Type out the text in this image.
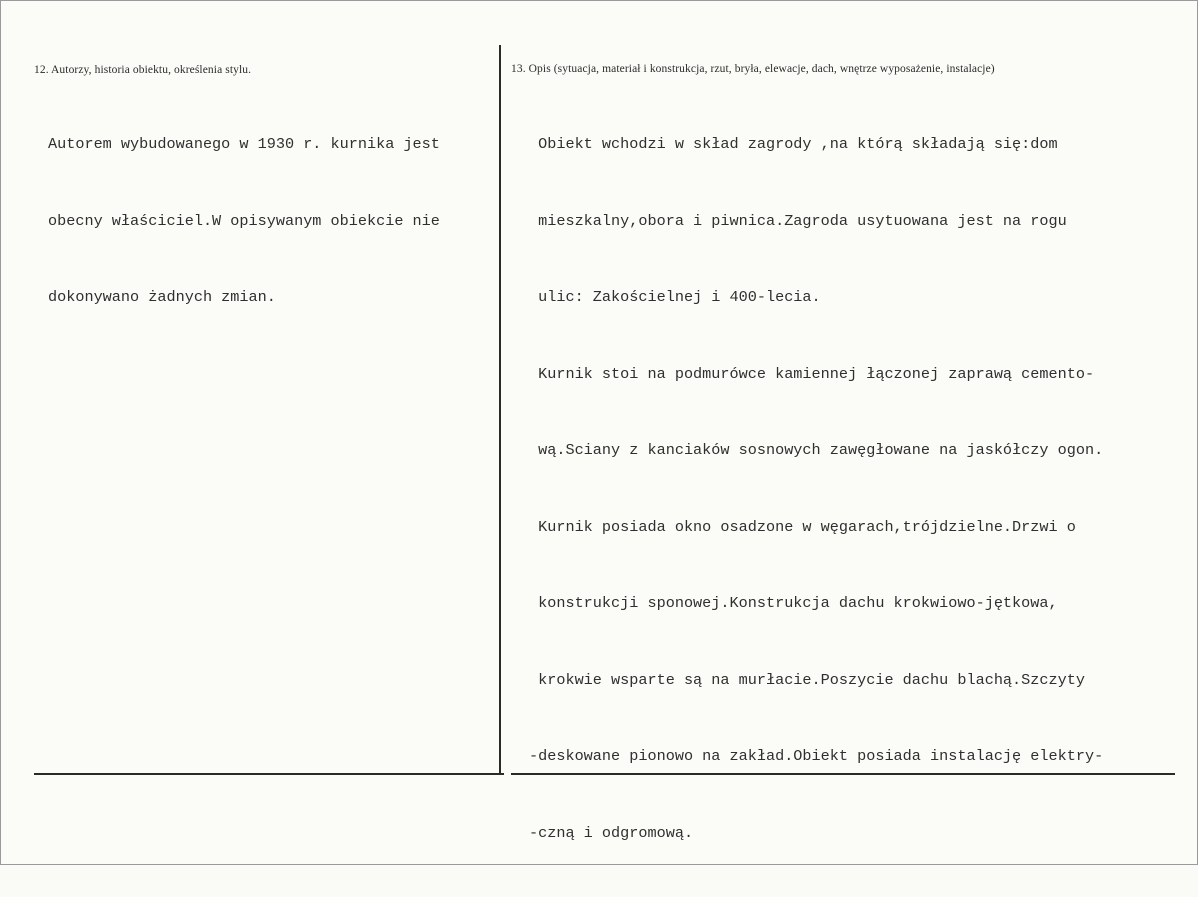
12. Autorzy, historia obiektu, określenia stylu.

Autorem wybudowanego w 1930 r. kurnika jest

obecny właściciel.W opisywanym obiekcie nie

dokonywano żadnych zmian.

13. Opis (sytuacja, materiał i konstrukcja, rzut, bryła, elewacje, dach, wnętrze wyposażenie, instalacje)

Obiekt wchodzi w skład zagrody ,na którą składają się:dom

mieszkalny,obora i piwnica.Zagroda usytuowana jest na rogu

ulic: Zakościelnej i 400-lecia.

Kurnik stoi na podmurówce kamiennej łączonej zaprawą cemento-

wą.Sciany z kanciaków sosnowych zawęgłowane na jaskółczy ogon.

Kurnik posiada okno osadzone w węgarach,trójdzielne.Drzwi o

konstrukcji sponowej.Konstrukcja dachu krokwiowo-jętkowa,

krokwie wsparte są na murłacie.Poszycie dachu blachą.Szczyty

-deskowane pionowo na zakład.Obiekt posiada instalację elektry-

-czną i odgromową.
